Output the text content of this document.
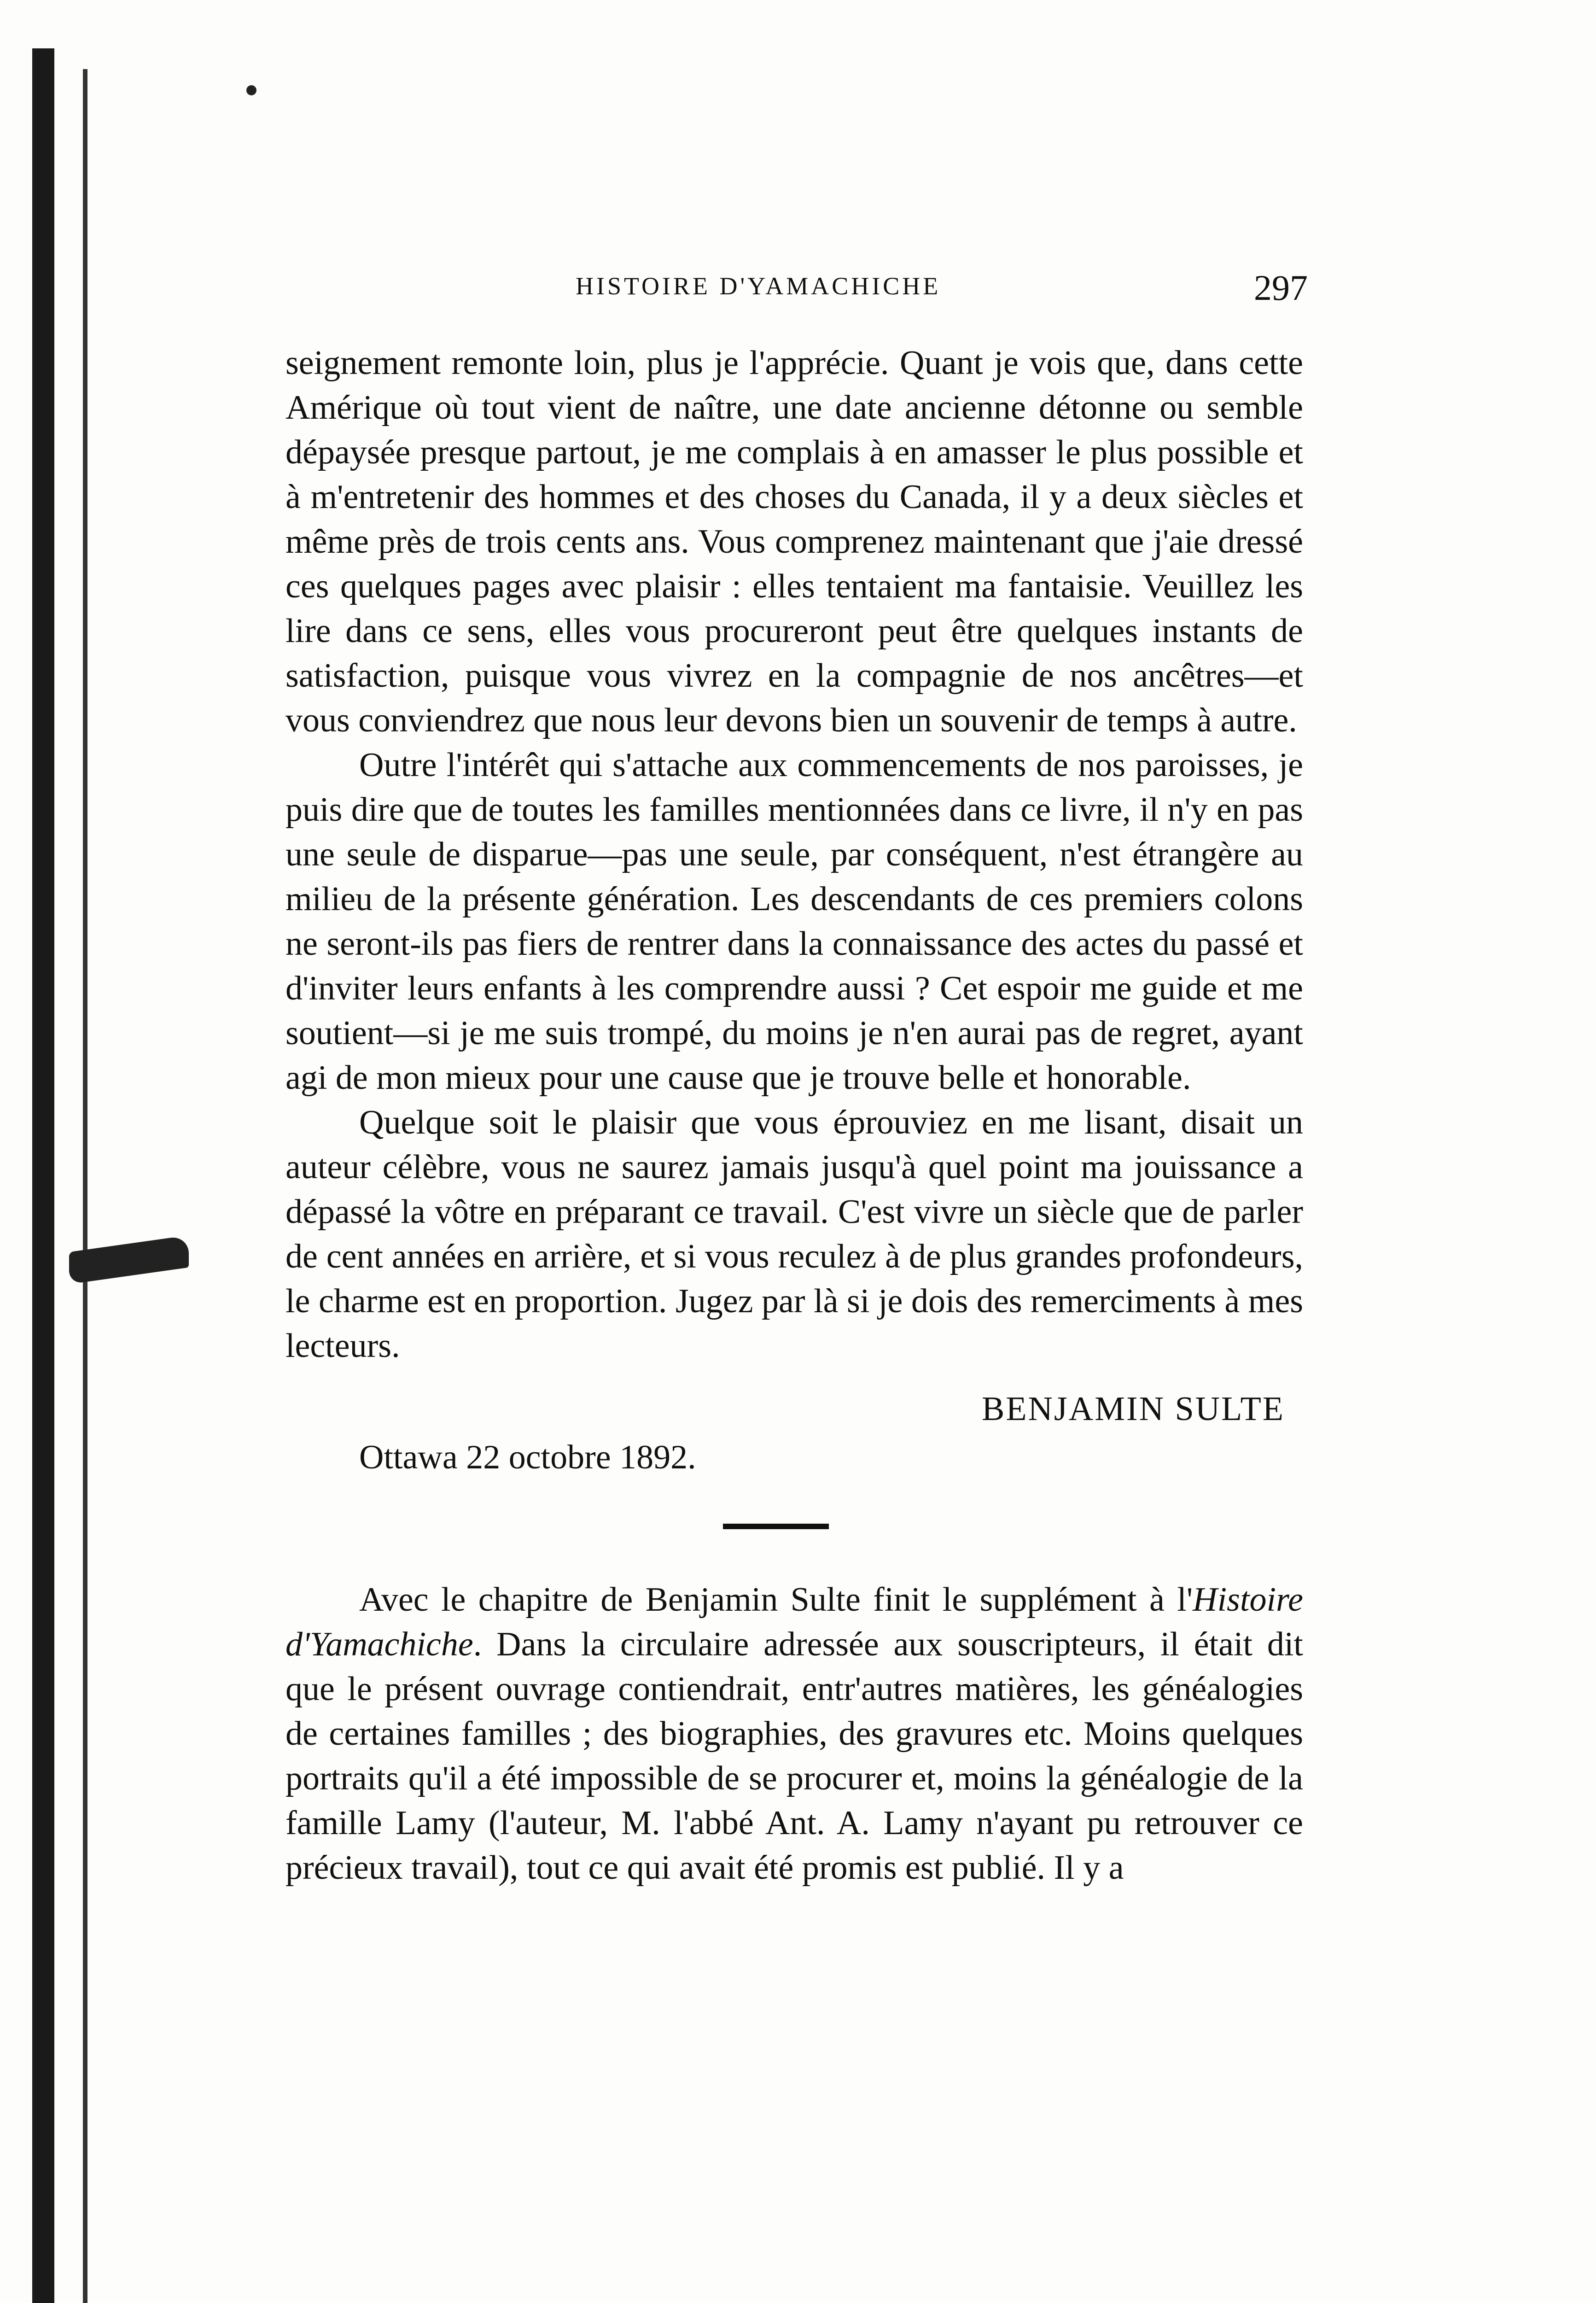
HISTOIRE D'YAMACHICHE	297

seignement remonte loin, plus je l'apprécie. Quant je vois que, dans cette Amérique où tout vient de naître, une date ancienne détonne ou semble dépaysée presque partout, je me complais à en amasser le plus possible et à m'entretenir des hommes et des choses du Canada, il y a deux siècles et même près de trois cents ans. Vous comprenez maintenant que j'aie dressé ces quelques pages avec plaisir : elles tentaient ma fantaisie. Veuillez les lire dans ce sens, elles vous procureront peut être quelques instants de satisfaction, puisque vous vivrez en la compagnie de nos ancêtres—et vous conviendrez que nous leur devons bien un souvenir de temps à autre.

Outre l'intérêt qui s'attache aux commencements de nos paroisses, je puis dire que de toutes les familles mentionnées dans ce livre, il n'y en pas une seule de disparue—pas une seule, par conséquent, n'est étrangère au milieu de la présente génération. Les descendants de ces premiers colons ne seront-ils pas fiers de rentrer dans la connaissance des actes du passé et d'inviter leurs enfants à les comprendre aussi ? Cet espoir me guide et me soutient—si je me suis trompé, du moins je n'en aurai pas de regret, ayant agi de mon mieux pour une cause que je trouve belle et honorable.

Quelque soit le plaisir que vous éprouviez en me lisant, disait un auteur célèbre, vous ne saurez jamais jusqu'à quel point ma jouissance a dépassé la vôtre en préparant ce travail. C'est vivre un siècle que de parler de cent années en arrière, et si vous reculez à de plus grandes profondeurs, le charme est en proportion. Jugez par là si je dois des remerciments à mes lecteurs.

BENJAMIN SULTE
Ottawa 22 octobre 1892.

Avec le chapitre de Benjamin Sulte finit le supplément à l'Histoire d'Yamachiche. Dans la circulaire adressée aux souscripteurs, il était dit que le présent ouvrage contiendrait, entr'autres matières, les généalogies de certaines familles ; des biographies, des gravures etc. Moins quelques portraits qu'il a été impossible de se procurer et, moins la généalogie de la famille Lamy (l'auteur, M. l'abbé Ant. A. Lamy n'ayant pu retrouver ce précieux travail), tout ce qui avait été promis est publié. Il y a
